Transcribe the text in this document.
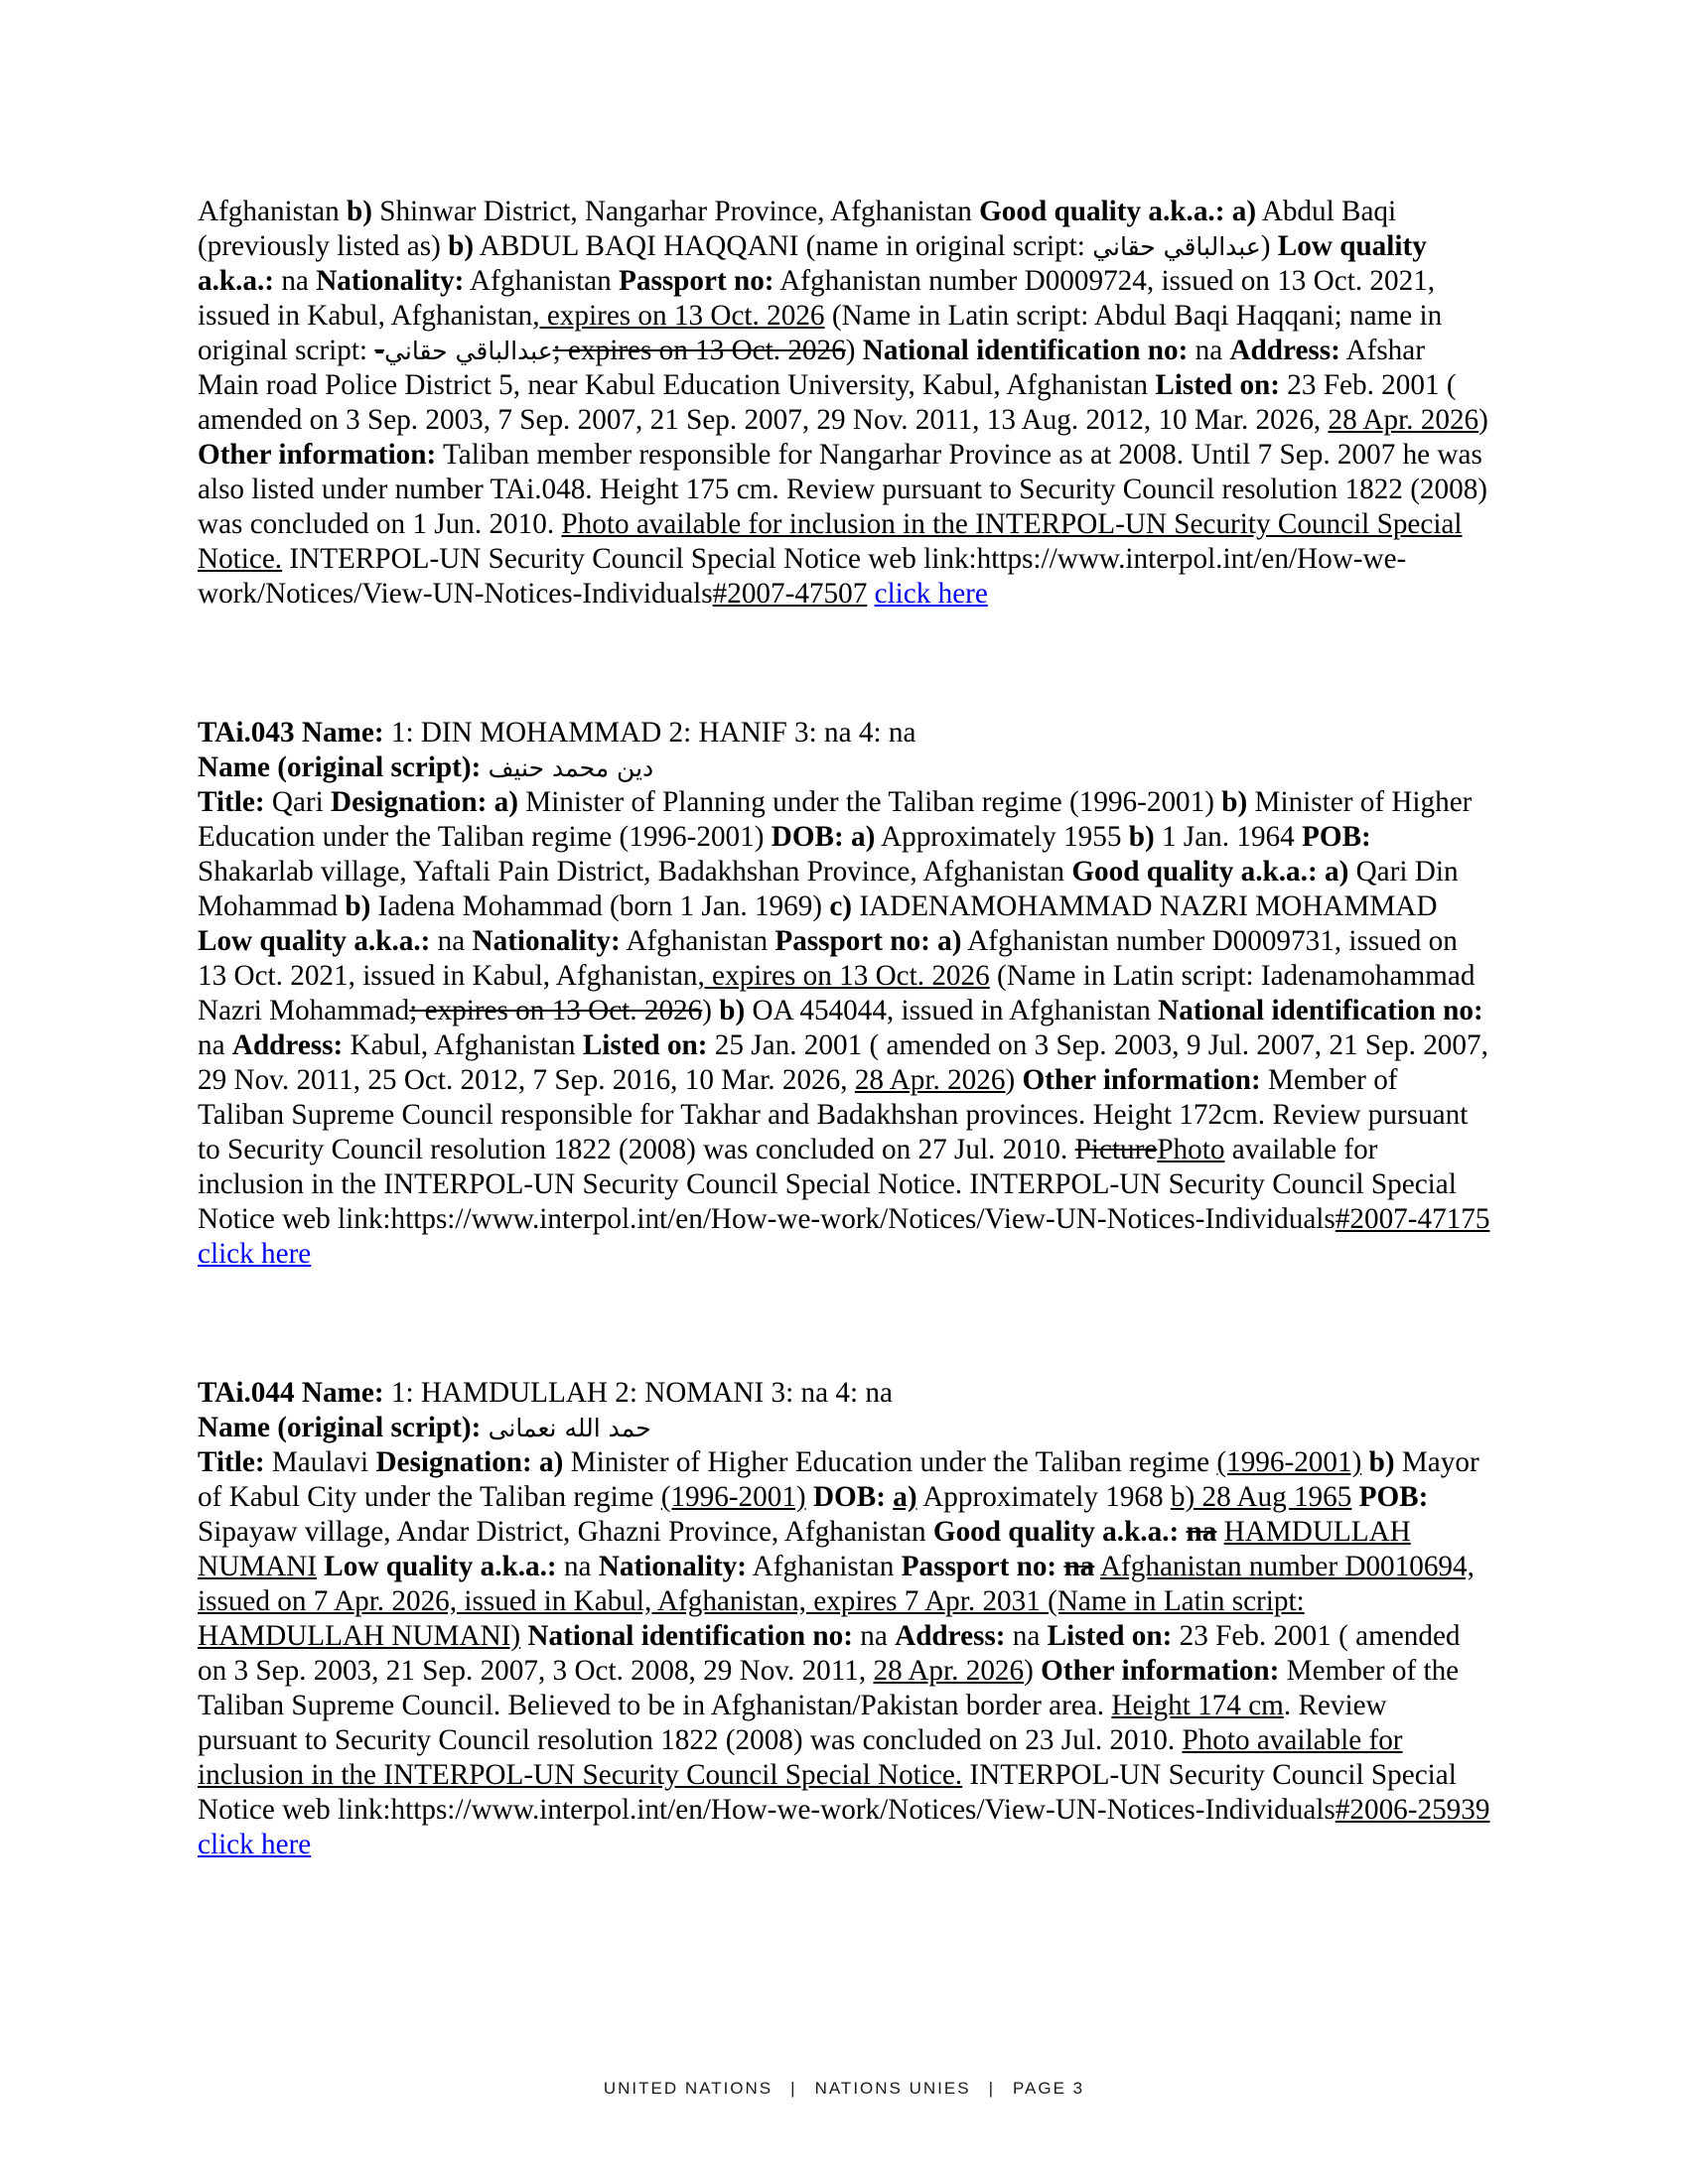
Afghanistan b) Shinwar District, Nangarhar Province, Afghanistan Good quality a.k.a.: a) Abdul Baqi (previously listed as) b) ABDUL BAQI HAQQANI (name in original script: عبدالباقي حقاني) Low quality a.k.a.: na Nationality: Afghanistan Passport no: Afghanistan number D0009724, issued on 13 Oct. 2021, issued in Kabul, Afghanistan, expires on 13 Oct. 2026 (Name in Latin script: Abdul Baqi Haqqani; name in original script: -عبدالباقي حقاني; expires on 13 Oct. 2026) National identification no: na Address: Afshar Main road Police District 5, near Kabul Education University, Kabul, Afghanistan Listed on: 23 Feb. 2001 ( amended on 3 Sep. 2003, 7 Sep. 2007, 21 Sep. 2007, 29 Nov. 2011, 13 Aug. 2012, 10 Mar. 2026, 28 Apr. 2026) Other information: Taliban member responsible for Nangarhar Province as at 2008. Until 7 Sep. 2007 he was also listed under number TAi.048. Height 175 cm. Review pursuant to Security Council resolution 1822 (2008) was concluded on 1 Jun. 2010. Photo available for inclusion in the INTERPOL-UN Security Council Special Notice. INTERPOL-UN Security Council Special Notice web link:https://www.interpol.int/en/How-we-work/Notices/View-UN-Notices-Individuals#2007-47507 click here

TAi.043 Name: 1: DIN MOHAMMAD 2: HANIF 3: na 4: na

Name (original script): دين محمد حنيف

Title: Qari Designation: a) Minister of Planning under the Taliban regime (1996-2001) b) Minister of Higher Education under the Taliban regime (1996-2001) DOB: a) Approximately 1955 b) 1 Jan. 1964 POB: Shakarlab village, Yaftali Pain District, Badakhshan Province, Afghanistan Good quality a.k.a.: a) Qari Din Mohammad b) Iadena Mohammad (born 1 Jan. 1969) c) IADENAMOHAMMAD NAZRI MOHAMMAD Low quality a.k.a.: na Nationality: Afghanistan Passport no: a) Afghanistan number D0009731, issued on 13 Oct. 2021, issued in Kabul, Afghanistan, expires on 13 Oct. 2026 (Name in Latin script: Iadenamohammad Nazri Mohammad; expires on 13 Oct. 2026) b) OA 454044, issued in Afghanistan National identification no: na Address: Kabul, Afghanistan Listed on: 25 Jan. 2001 ( amended on 3 Sep. 2003, 9 Jul. 2007, 21 Sep. 2007, 29 Nov. 2011, 25 Oct. 2012, 7 Sep. 2016, 10 Mar. 2026, 28 Apr. 2026) Other information: Member of Taliban Supreme Council responsible for Takhar and Badakhshan provinces. Height 172cm. Review pursuant to Security Council resolution 1822 (2008) was concluded on 27 Jul. 2010. PicturePhoto available for inclusion in the INTERPOL-UN Security Council Special Notice. INTERPOL-UN Security Council Special Notice web link:https://www.interpol.int/en/How-we-work/Notices/View-UN-Notices-Individuals#2007-47175 click here

TAi.044 Name: 1: HAMDULLAH 2: NOMANI 3: na 4: na

Name (original script): حمد الله نعمانى

Title: Maulavi Designation: a) Minister of Higher Education under the Taliban regime (1996-2001) b) Mayor of Kabul City under the Taliban regime (1996-2001) DOB: a) Approximately 1968 b) 28 Aug 1965 POB: Sipayaw village, Andar District, Ghazni Province, Afghanistan Good quality a.k.a.: na HAMDULLAH NUMANI Low quality a.k.a.: na Nationality: Afghanistan Passport no: na Afghanistan number D0010694, issued on 7 Apr. 2026, issued in Kabul, Afghanistan, expires 7 Apr. 2031 (Name in Latin script: HAMDULLAH NUMANI) National identification no: na Address: na Listed on: 23 Feb. 2001 ( amended on 3 Sep. 2003, 21 Sep. 2007, 3 Oct. 2008, 29 Nov. 2011, 28 Apr. 2026) Other information: Member of the Taliban Supreme Council. Believed to be in Afghanistan/Pakistan border area. Height 174 cm. Review pursuant to Security Council resolution 1822 (2008) was concluded on 23 Jul. 2010. Photo available for inclusion in the INTERPOL-UN Security Council Special Notice. INTERPOL-UN Security Council Special Notice web link:https://www.interpol.int/en/How-we-work/Notices/View-UN-Notices-Individuals#2006-25939 click here

UNITED NATIONS | NATIONS UNIES | PAGE 3
